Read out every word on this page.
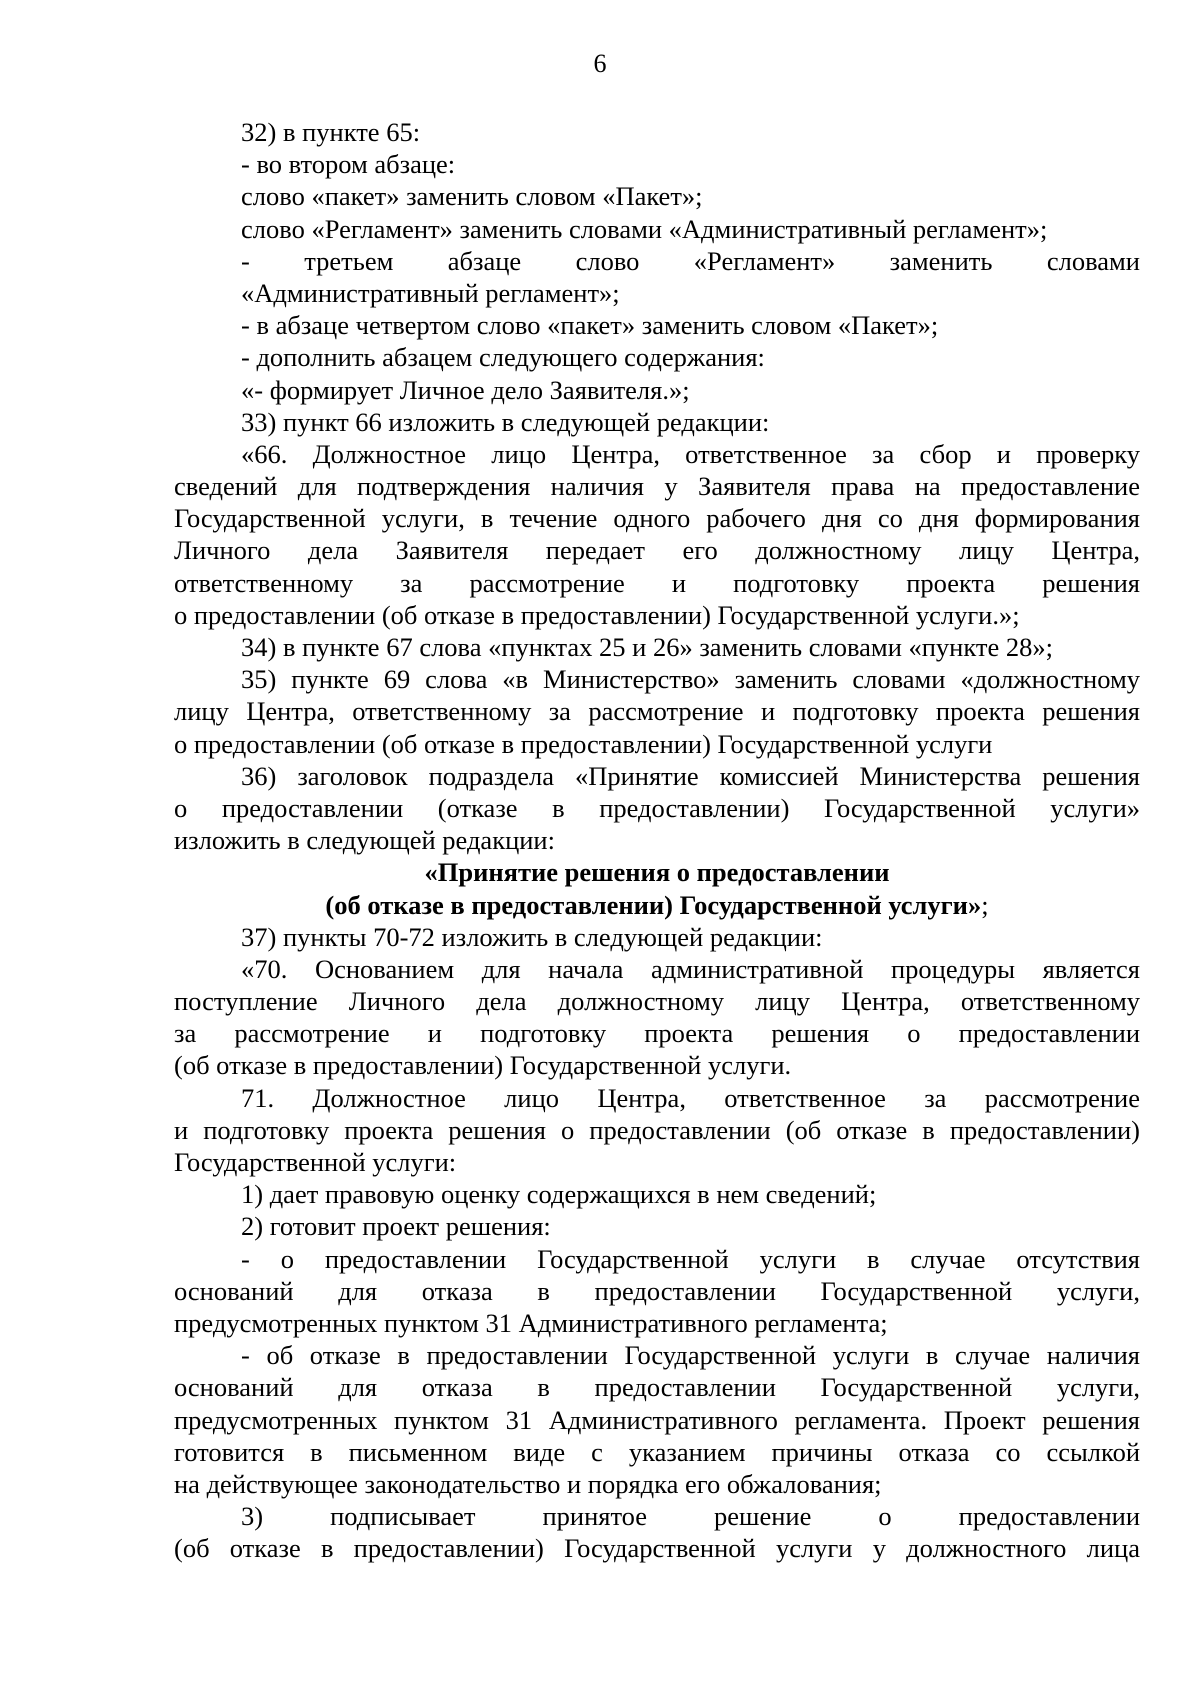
6
32) в пункте 65:
- во втором абзаце:
слово «пакет» заменить словом «Пакет»;
слово «Регламент» заменить словами «Административный регламент»;
- третьем абзаце слово «Регламент» заменить словами
«Административный регламент»;
- в абзаце четвертом слово «пакет» заменить словом «Пакет»;
- дополнить абзацем следующего содержания:
«- формирует Личное дело Заявителя.»;
33) пункт 66 изложить в следующей редакции:
«66. Должностное лицо Центра, ответственное за сбор и проверку
сведений для подтверждения наличия у Заявителя права на предоставление
Государственной услуги, в течение одного рабочего дня со дня формирования
Личного дела Заявителя передает его должностному лицу Центра,
ответственному за рассмотрение и подготовку проекта решения
о предоставлении (об отказе в предоставлении) Государственной услуги.»;
34) в пункте 67 слова «пунктах 25 и 26» заменить словами «пункте 28»;
35) пункте 69 слова «в Министерство» заменить словами «должностному
лицу Центра, ответственному за рассмотрение и подготовку проекта решения
о предоставлении (об отказе в предоставлении) Государственной услуги
36) заголовок подраздела «Принятие комиссией Министерства решения
о предоставлении (отказе в предоставлении) Государственной услуги»
изложить в следующей редакции:
«Принятие решения о предоставлении
(об отказе в предоставлении) Государственной услуги»;
37) пункты 70-72 изложить в следующей редакции:
«70. Основанием для начала административной процедуры является
поступление Личного дела должностному лицу Центра, ответственному
за рассмотрение и подготовку проекта решения о предоставлении
(об отказе в предоставлении) Государственной услуги.
71. Должностное лицо Центра, ответственное за рассмотрение
и подготовку проекта решения о предоставлении (об отказе в предоставлении)
Государственной услуги:
1) дает правовую оценку содержащихся в нем сведений;
2) готовит проект решения:
- о предоставлении Государственной услуги в случае отсутствия
оснований для отказа в предоставлении Государственной услуги,
предусмотренных пунктом 31 Административного регламента;
- об отказе в предоставлении Государственной услуги в случае наличия
оснований для отказа в предоставлении Государственной услуги,
предусмотренных пунктом 31 Административного регламента. Проект решения
готовится в письменном виде с указанием причины отказа со ссылкой
на действующее законодательство и порядка его обжалования;
3) подписывает принятое решение о предоставлении
(об отказе в предоставлении) Государственной услуги у должностного лица
